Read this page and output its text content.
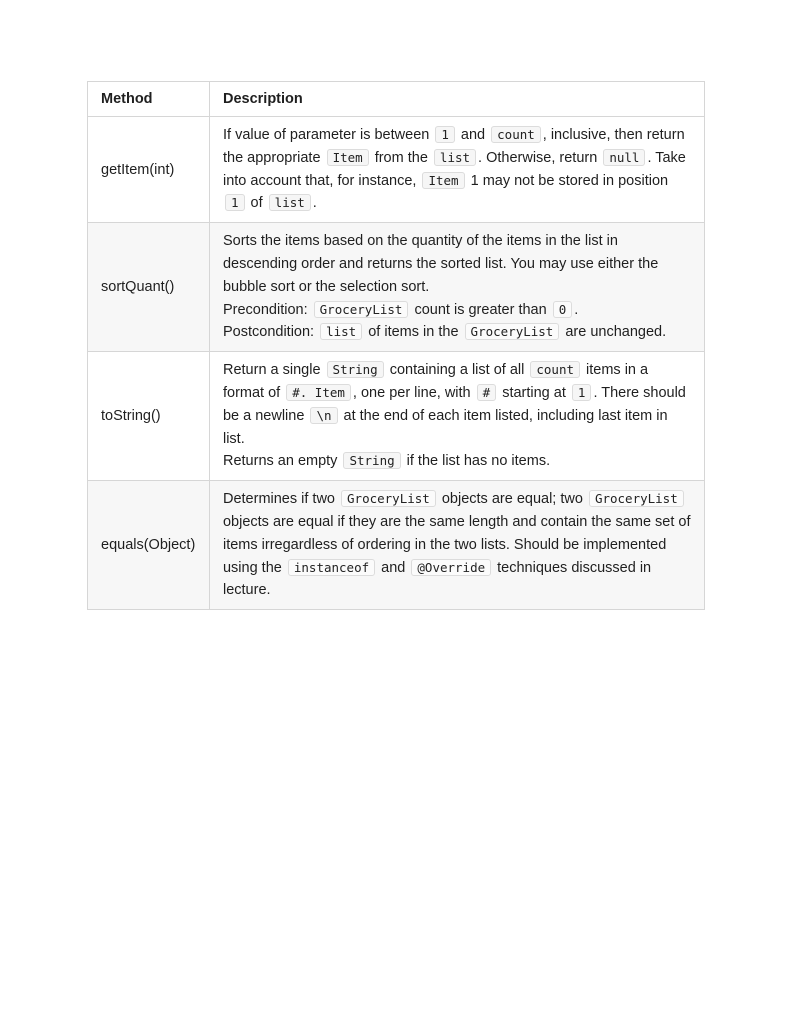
Method	Description
getItem(int)	If value of parameter is between 1 and count , inclusive, then return the appropriate Item from the list . Otherwise, return null . Take into account that, for instance, Item 1 may not be stored in position 1 of list .

sortQuant()	Sorts the items based on the quantity of the items in the list in descending order and returns the sorted list. You may use either the bubble sort or the selection sort.
Precondition: GroceryList count is greater than 0 .
Postcondition: list of items in the GroceryList are unchanged.

toString()	Return a single String containing a list of all count items in a format of #. Item , one per line, with # starting at 1 . There should be a newline \n at the end of each item listed, including last item in list.
Returns an empty String if the list has no items.

equals(Object)	Determines if two GroceryList objects are equal; two GroceryList objects are equal if they are the same length and contain the same set of items irregardless of ordering in the two lists. Should be implemented using the instanceof and @Override techniques discussed in lecture.
